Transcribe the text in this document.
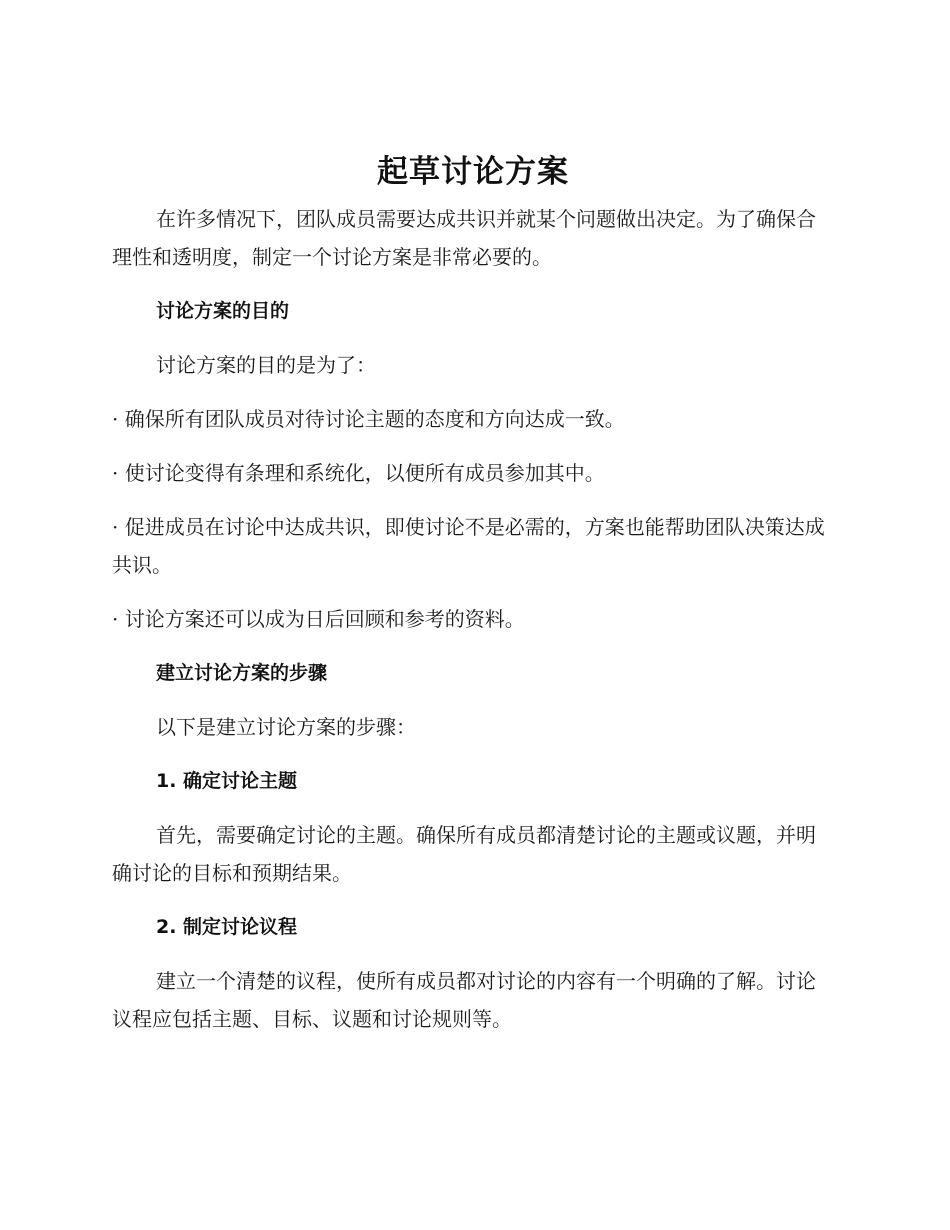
起草讨论方案

在许多情况下，团队成员需要达成共识并就某个问题做出决定。为了确保合理性和透明度，制定一个讨论方案是非常必要的。

讨论方案的目的

讨论方案的目的是为了：

· 确保所有团队成员对待讨论主题的态度和方向达成一致。

· 使讨论变得有条理和系统化，以便所有成员参加其中。

· 促进成员在讨论中达成共识，即使讨论不是必需的，方案也能帮助团队决策达成共识。

· 讨论方案还可以成为日后回顾和参考的资料。

建立讨论方案的步骤

以下是建立讨论方案的步骤：

1. 确定讨论主题

首先，需要确定讨论的主题。确保所有成员都清楚讨论的主题或议题，并明确讨论的目标和预期结果。

2. 制定讨论议程

建立一个清楚的议程，使所有成员都对讨论的内容有一个明确的了解。讨论议程应包括主题、目标、议题和讨论规则等。
